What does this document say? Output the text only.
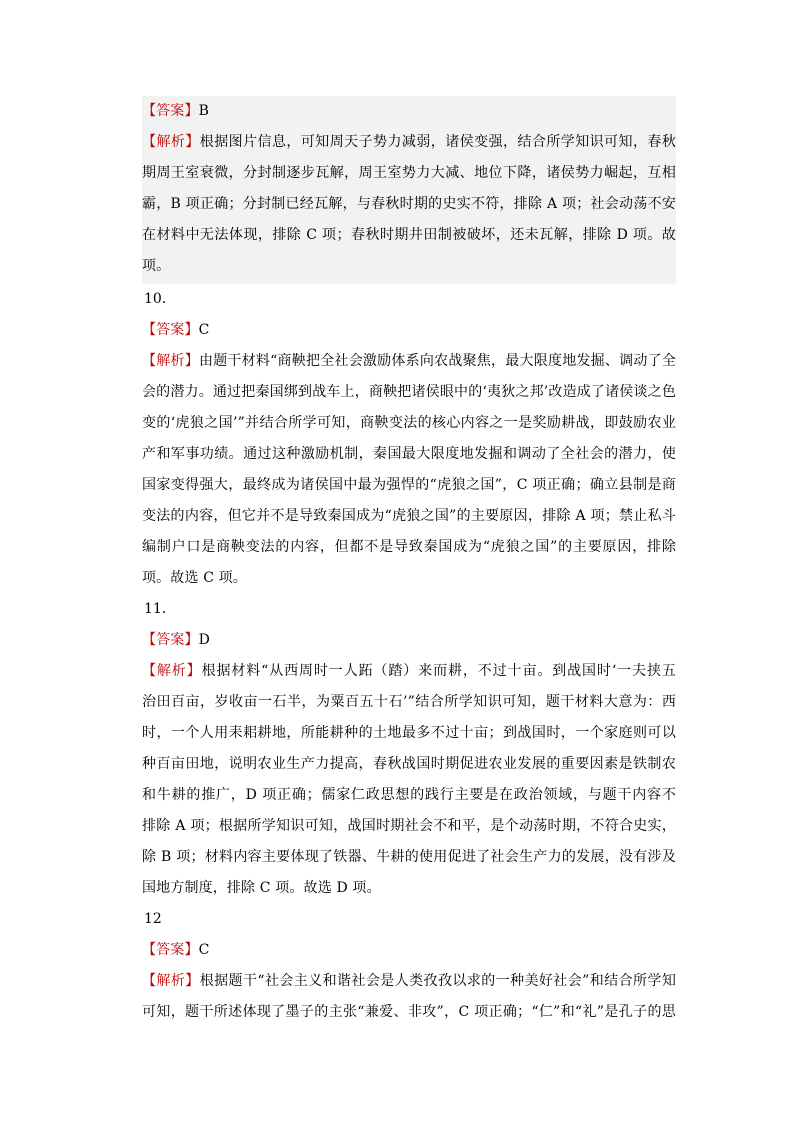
【答案】B
【解析】根据图片信息，可知周天子势力减弱，诸侯变强，结合所学知识可知，春秋
期周王室衰微，分封制逐步瓦解，周王室势力大减、地位下降，诸侯势力崛起，互相
霸，B 项正确；分封制已经瓦解，与春秋时期的史实不符，排除 A 项；社会动荡不安
在材料中无法体现，排除 C 项；春秋时期井田制被破坏，还未瓦解，排除 D 项。故
项。
10．
【答案】C
【解析】由题干材料“商鞅把全社会激励体系向农战聚焦，最大限度地发掘、调动了全
会的潜力。通过把秦国绑到战车上，商鞅把诸侯眼中的‘夷狄之邦’改造成了诸侯谈之色
变的‘虎狼之国’”并结合所学可知，商鞅变法的核心内容之一是奖励耕战，即鼓励农业
产和军事功绩。通过这种激励机制，秦国最大限度地发掘和调动了全社会的潜力，使
国家变得强大，最终成为诸侯国中最为强悍的“虎狼之国”，C 项正确；确立县制是商
变法的内容，但它并不是导致秦国成为“虎狼之国”的主要原因，排除 A 项；禁止私斗
编制户口是商鞅变法的内容，但都不是导致秦国成为“虎狼之国”的主要原因，排除
项。故选 C 项。
11．
【答案】D
【解析】根据材料“从西周时一人跖（踏）来而耕，不过十亩。到战国时‘一夫挟五
治田百亩，岁收亩一石半，为粟百五十石’”结合所学知识可知，题干材料大意为：西
时，一个人用耒耜耕地，所能耕种的土地最多不过十亩；到战国时，一个家庭则可以
种百亩田地，说明农业生产力提高，春秋战国时期促进农业发展的重要因素是铁制农
和牛耕的推广，D 项正确；儒家仁政思想的践行主要是在政治领域，与题干内容不
排除 A 项；根据所学知识可知，战国时期社会不和平，是个动荡时期，不符合史实，
除 B 项；材料内容主要体现了铁器、牛耕的使用促进了社会生产力的发展，没有涉及
国地方制度，排除 C 项。故选 D 项。
12
【答案】C
【解析】根据题干“社会主义和谐社会是人类孜孜以求的一种美好社会”和结合所学知
可知，题干所述体现了墨子的主张“兼爱、非攻”，C 项正确；“仁”和“礼”是孔子的思
